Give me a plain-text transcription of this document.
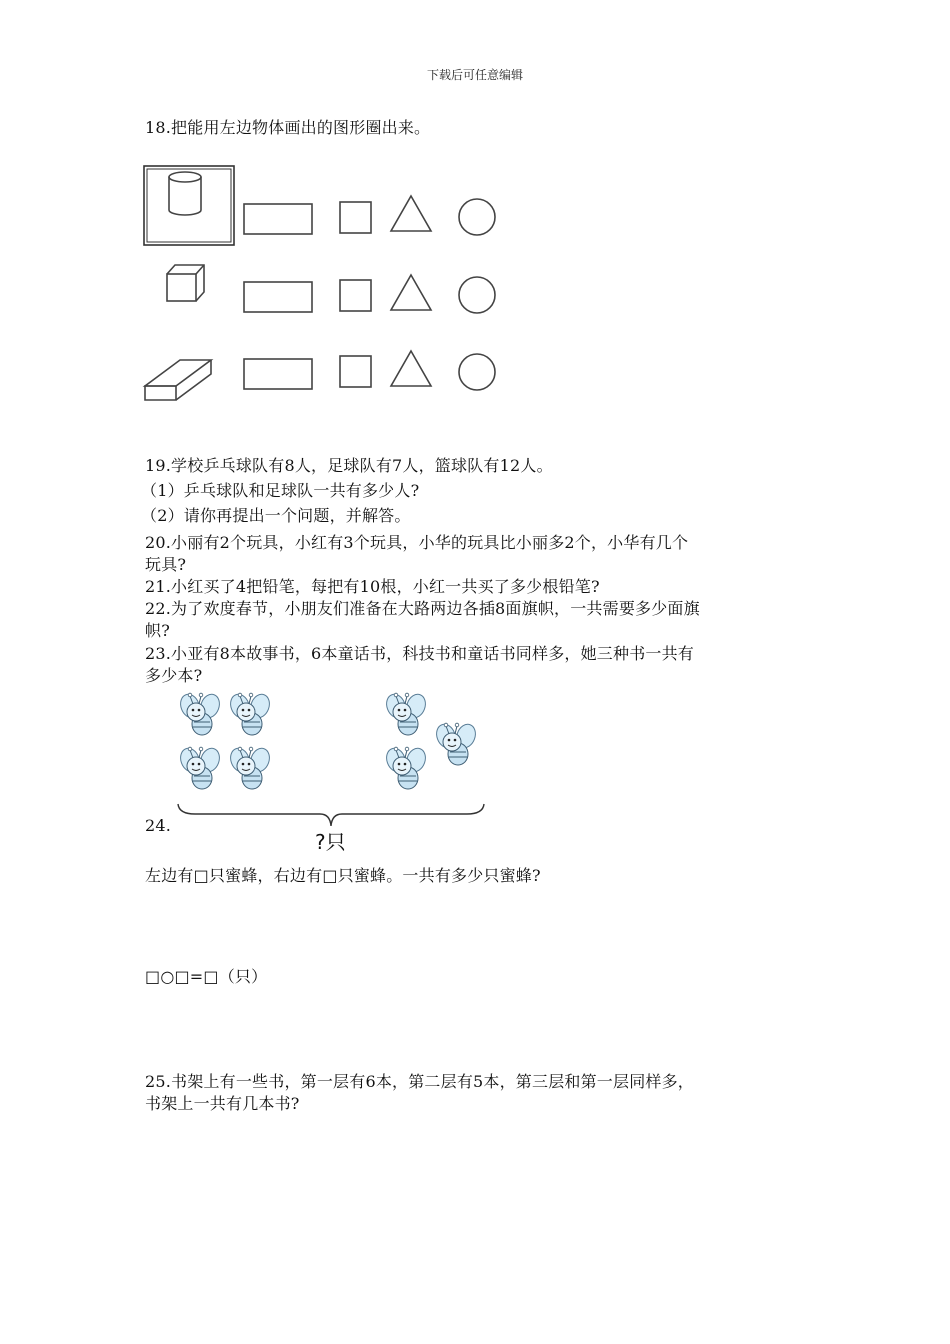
下载后可任意编辑
18.把能用左边物体画出的图形圈出来。
19.学校乒乓球队有8人，足球队有7人，篮球队有12人。
（1）乒乓球队和足球队一共有多少人?
（2）请你再提出一个问题，并解答。
20.小丽有2个玩具，小红有3个玩具，小华的玩具比小丽多2个，小华有几个
玩具?
21.小红买了4把铅笔，每把有10根，小红一共买了多少根铅笔?
22.为了欢度春节，小朋友们准备在大路两边各插8面旗帜，一共需要多少面旗
帜?
23.小亚有8本故事书，6本童话书，科技书和童话书同样多，她三种书一共有
多少本?
24.
?只
左边有□只蜜蜂，右边有□只蜜蜂。一共有多少只蜜蜂?
□○□=□（只）
25.书架上有一些书，第一层有6本，第二层有5本，第三层和第一层同样多，
书架上一共有几本书?
